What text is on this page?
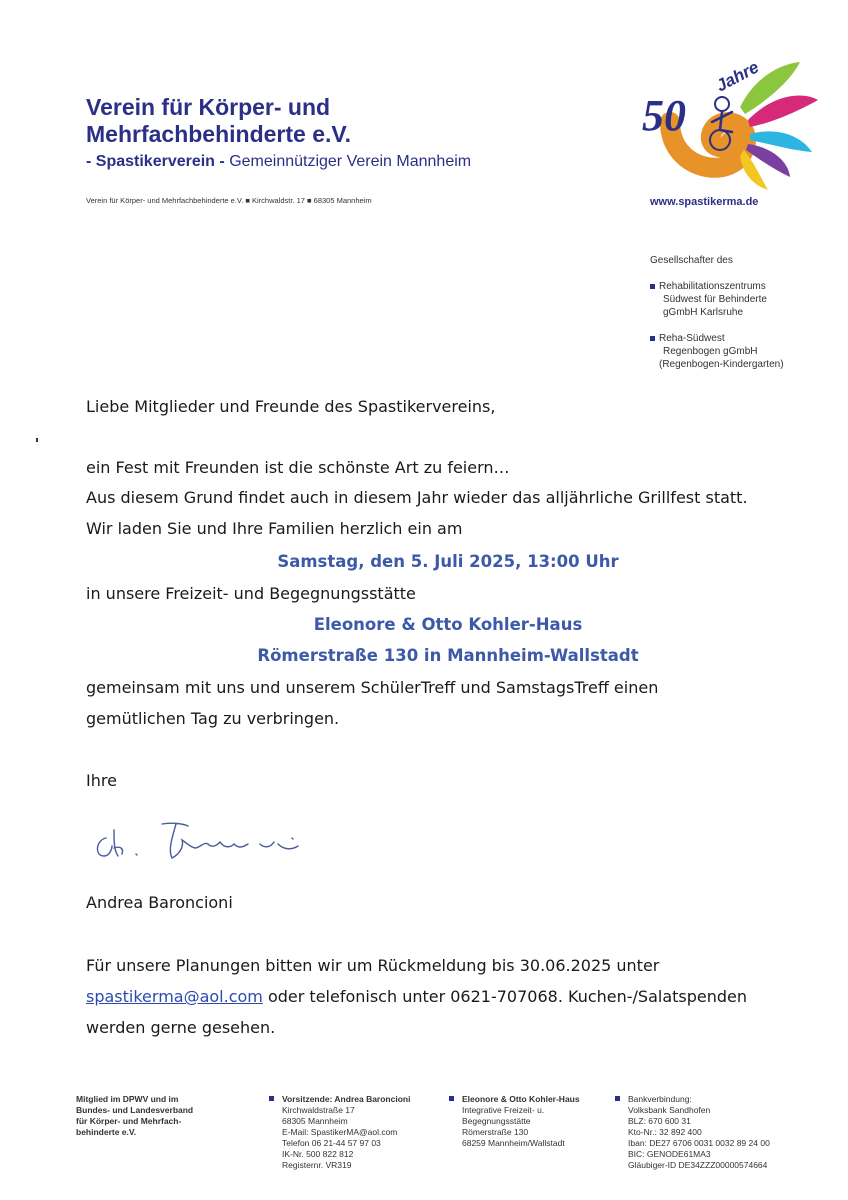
Verein für Körper- und
Mehrfachbehinderte e.V.
- Spastikerverein - Gemeinnütziger Verein Mannheim
Verein für Körper- und Mehrfachbehinderte e.V. ■ Kirchwaldstr. 17 ■ 68305 Mannheim
50
Jahre
www.spastikerma.de
Gesellschafter des
Rehabilitationszentrums
Südwest für Behinderte
gGmbH Karlsruhe
Reha-Südwest
Regenbogen gGmbH
(Regenbogen-Kindergarten)
Liebe Mitglieder und Freunde des Spastikervereins,
ein Fest mit Freunden ist die schönste Art zu feiern…
Aus diesem Grund findet auch in diesem Jahr wieder das alljährliche Grillfest statt.
Wir laden Sie und Ihre Familien herzlich ein am
Samstag, den 5. Juli 2025, 13:00 Uhr
in unsere Freizeit- und Begegnungsstätte
Eleonore & Otto Kohler-Haus
Römerstraße 130 in Mannheim-Wallstadt
gemeinsam mit uns und unserem SchülerTreff und SamstagsTreff einen
gemütlichen Tag zu verbringen.
Ihre
Andrea Baroncioni
Für unsere Planungen bitten wir um Rückmeldung bis 30.06.2025 unter
spastikerma@aol.com oder telefonisch unter 0621-707068. Kuchen-/Salatspenden
werden gerne gesehen.
Mitglied im DPWV und im
Bundes- und Landesverband
für Körper- und Mehrfach-
behinderte e.V.
Vorsitzende: Andrea Baroncioni
Kirchwaldstraße 17
68305 Mannheim
E-Mail: SpastikerMA@aol.com
Telefon 06 21-44 57 97 03
IK-Nr. 500 822 812
Registernr. VR319
Eleonore & Otto Kohler-Haus
Integrative Freizeit- u.
Begegnungsstätte
Römerstraße 130
68259 Mannheim/Wallstadt
Bankverbindung:
Volksbank Sandhofen
BLZ: 670 600 31
Kto-Nr.: 32 892 400
Iban: DE27 6706 0031 0032 89 24 00
BIC: GENODE61MA3
Gläubiger-ID DE34ZZZ00000574664
